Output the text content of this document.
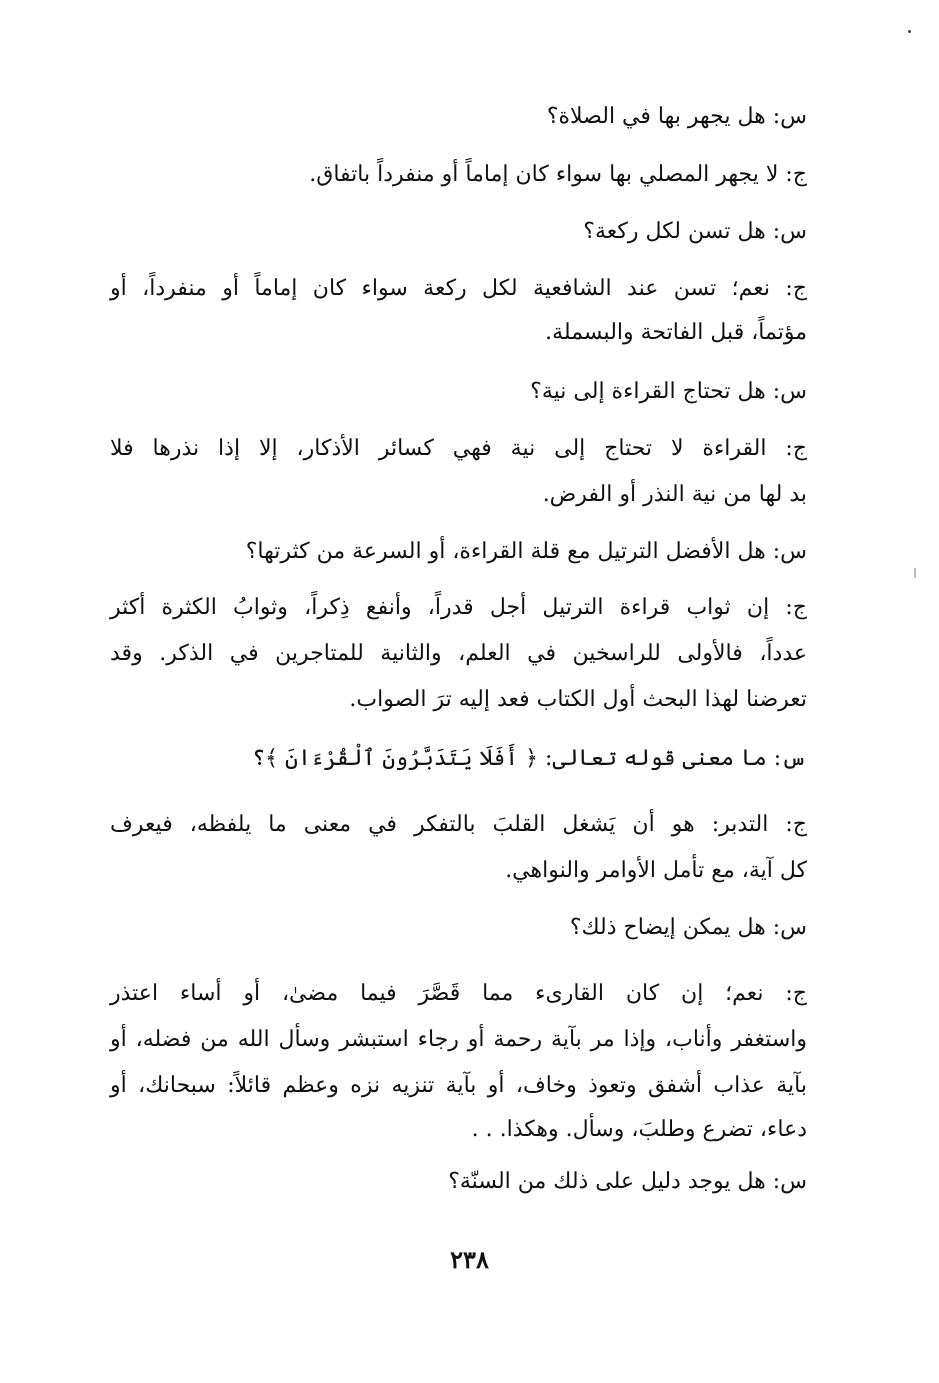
س: هل يجهر بها في الصلاة؟
ج: لا يجهر المصلي بها سواء كان إماماً أو منفرداً باتفاق.
س: هل تسن لكل ركعة؟
ج: نعم؛ تسن عند الشافعية لكل ركعة سواء كان إماماً أو منفرداً، أو
مؤتماً، قبل الفاتحة والبسملة.
س: هل تحتاج القراءة إلى نية؟
ج: القراءة لا تحتاج إلى نية فهي كسائر الأذكار، إلا إذا نذرها فلا
بد لها من نية النذر أو الفرض.
س: هل الأفضل الترتيل مع قلة القراءة، أو السرعة من كثرتها؟
ج: إن ثواب قراءة الترتيل أجل قدراً، وأنفع ذِكراً، وثوابُ الكثرة أكثر
عدداً، فالأولى للراسخين في العلم، والثانية للمتاجرين في الذكر. وقد
تعرضنا لهذا البحث أول الكتاب فعد إليه ترَ الصواب.
س: ما معنى قوله تعالى: ﴿ أَفَلَا يَتَدَبَّرُونَ ٱلْقُرْءَانَ ﴾؟
ج: التدبر: هو أن يَشغل القلبَ بالتفكر في معنى ما يلفظه، فيعرف
كل آية، مع تأمل الأوامر والنواهي.
س: هل يمكن إيضاح ذلك؟
ج: نعم؛ إن كان القارىء مما قَصَّرَ فيما مضىٰ، أو أساء اعتذر
واستغفر وأناب، وإذا مر بآية رحمة أو رجاء استبشر وسأل الله من فضله، أو
بآية عذاب أشفق وتعوذ وخاف، أو بآية تنزيه نزه وعظم قائلاً: سبحانك، أو
دعاء، تضرع وطلبَ، وسأل. وهكذا. . .
س: هل يوجد دليل على ذلك من السنّة؟
٢٣٨
